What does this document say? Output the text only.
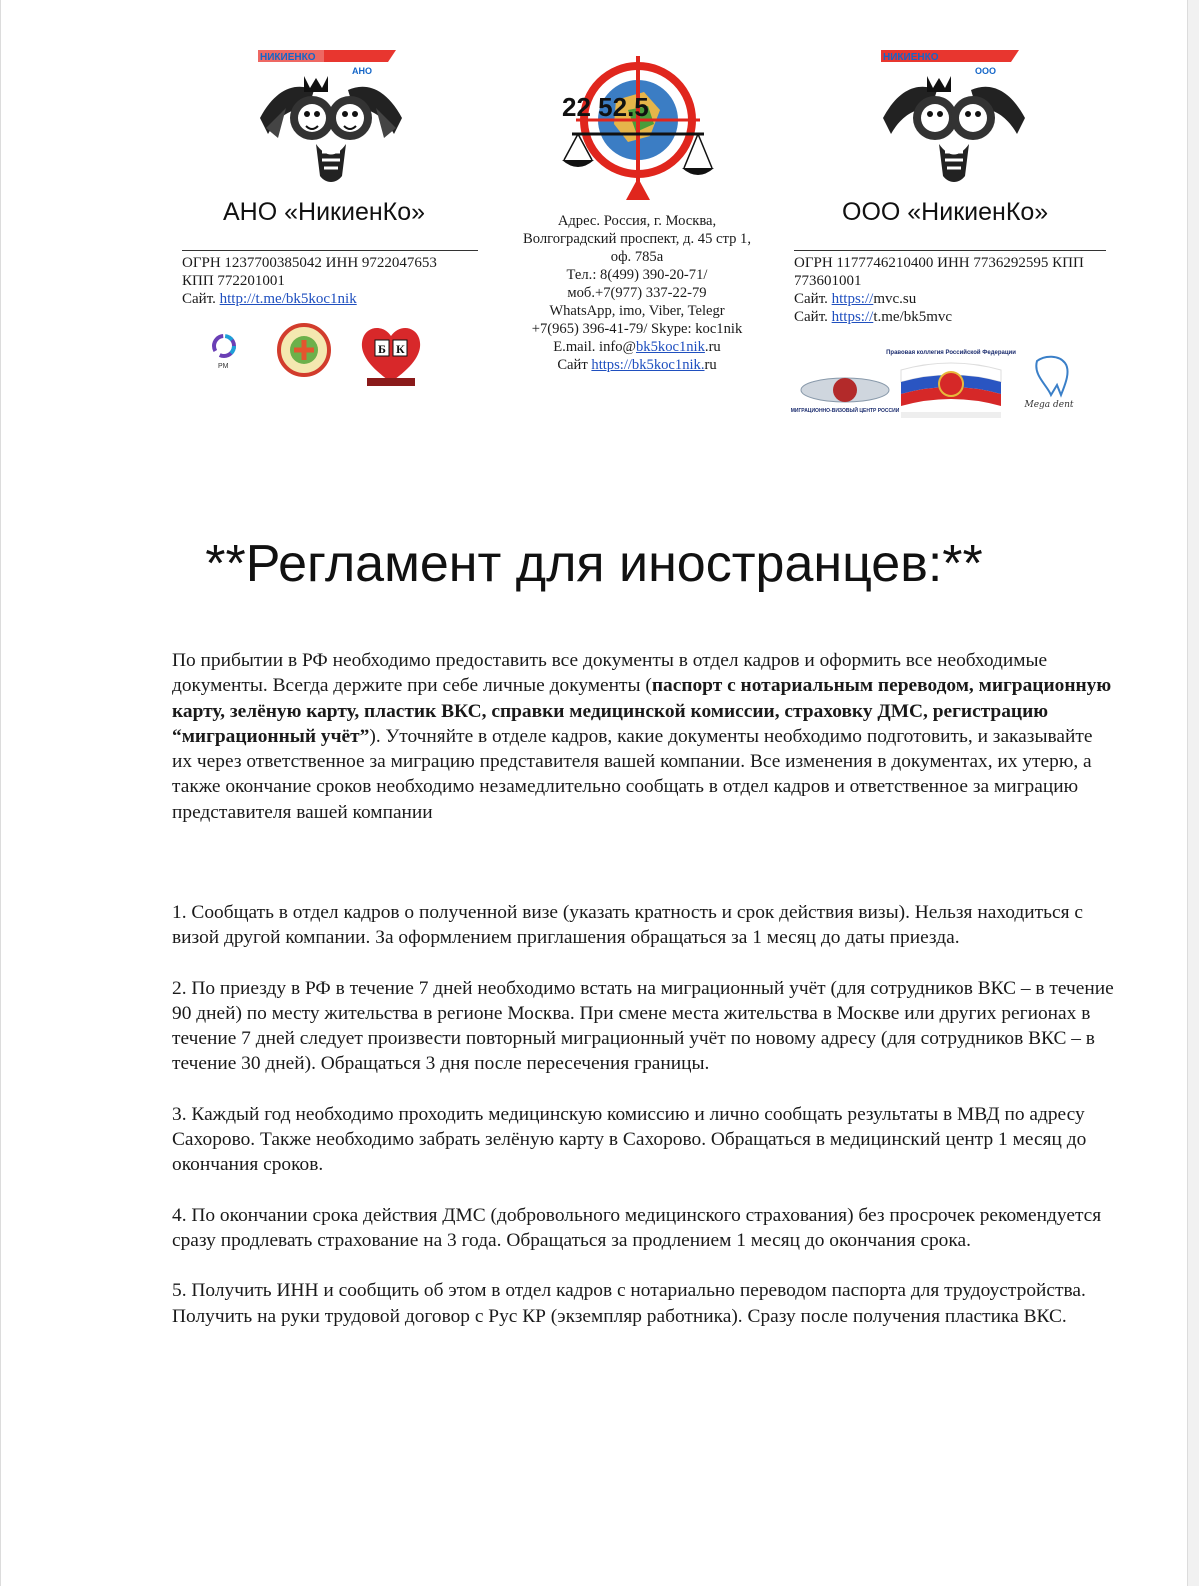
НИКИЕНКО
АНО
22 52.5
НИКИЕНКО
ООО
АНО «НикиенКо»
ОГРН 1237700385042 ИНН 9722047653 КПП 772201001
Сайт. http://t.me/bk5koc1nik
PM
Б К
Адрес. Россия, г. Москва,
Волгоградский проспект, д. 45 стр 1,
оф. 785а
Тел.: 8(499) 390-20-71/
моб.+7(977) 337-22-79
WhatsApp, imo, Viber, Telegr
+7(965) 396-41-79/ Skype: koc1nik
E.mail. info@bk5koc1nik.ru
Сайт https://bk5koc1nik.ru
ООО «НикиенКо»
ОГРН 1177746210400 ИНН 7736292595 КПП 773601001
Сайт. https://mvc.su
Сайт. https://t.me/bk5mvc
МИГРАЦИОННО-ВИЗОВЫЙ ЦЕНТР РОССИИ
Правовая коллегия Российской Федерации
Mega dent
**Регламент для иностранцев:**

По прибытии в РФ необходимо предоставить все документы в отдел кадров и оформить все необходимые документы. Всегда держите при себе личные документы (паспорт с нотариальным переводом, миграционную карту, зелёную карту, пластик ВКС, справки медицинской комиссии, страховку ДМС, регистрацию “миграционный учёт”). Уточняйте в отделе кадров, какие документы необходимо подготовить, и заказывайте их через ответственное за миграцию представителя вашей компании. Все изменения в документах, их утерю, а также окончание сроков необходимо незамедлительно сообщать в отдел кадров и ответственное за миграцию представителя вашей компании

1. Сообщать в отдел кадров о полученной визе (указать кратность и срок действия визы). Нельзя находиться с визой другой компании. За оформлением приглашения обращаться за 1 месяц до даты приезда.

2. По приезду в РФ в течение 7 дней необходимо встать на миграционный учёт (для сотрудников ВКС – в течение 90 дней) по месту жительства в регионе Москва. При смене места жительства в Москве или других регионах в течение 7 дней следует произвести повторный миграционный учёт по новому адресу (для сотрудников ВКС – в течение 30 дней). Обращаться 3 дня после пересечения границы.

3. Каждый год необходимо проходить медицинскую комиссию и лично сообщать результаты в МВД по адресу Сахорово. Также необходимо забрать зелёную карту в Сахорово. Обращаться в медицинский центр 1 месяц до окончания сроков.

4. По окончании срока действия ДМС (добровольного медицинского страхования) без просрочек рекомендуется сразу продлевать страхование на 3 года. Обращаться за продлением 1 месяц до окончания срока.

5. Получить ИНН и сообщить об этом в отдел кадров с нотариально переводом паспорта для трудоустройства. Получить на руки трудовой договор с Рус КР (экземпляр работника). Сразу после получения пластика ВКС.
